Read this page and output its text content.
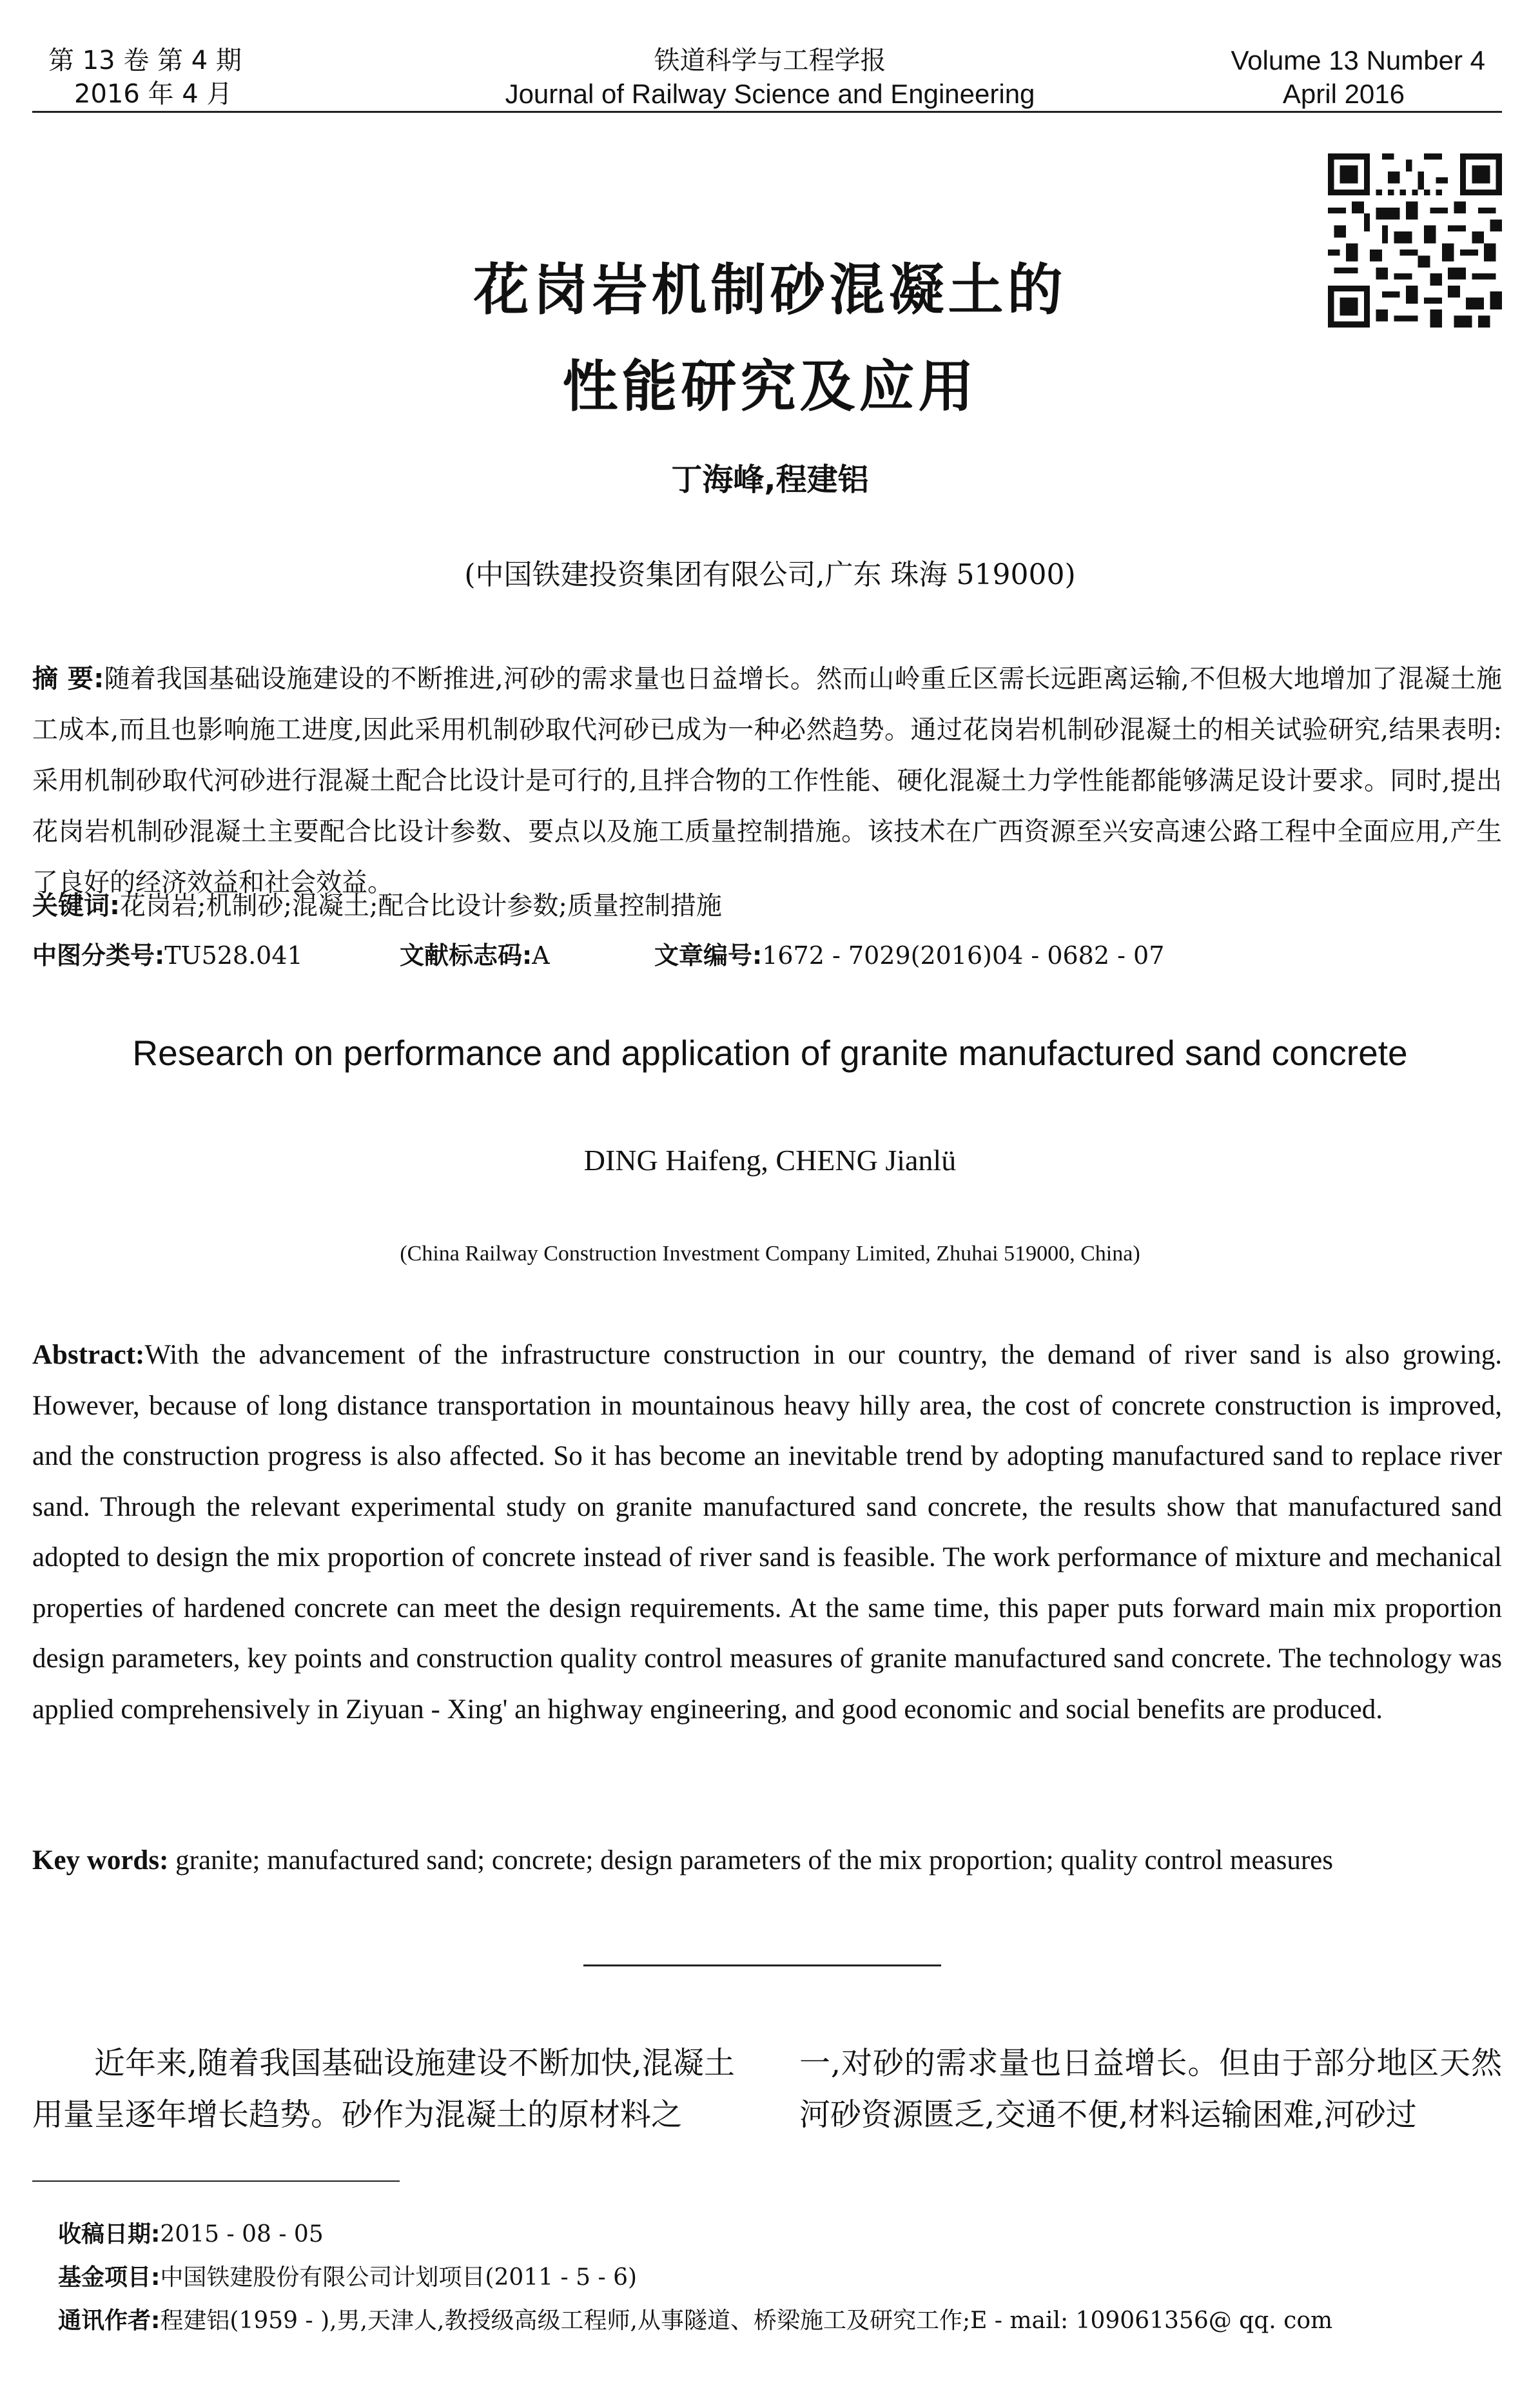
第 13 卷 第 4 期
2016 年 4 月
铁道科学与工程学报
Journal of Railway Science and Engineering
Volume 13 Number 4
April 2016
花岗岩机制砂混凝土的
性能研究及应用
丁海峰,程建铝
(中国铁建投资集团有限公司,广东 珠海 519000)
摘 要:随着我国基础设施建设的不断推进,河砂的需求量也日益增长。然而山岭重丘区需长远距离运输,不但极大地增加了混凝土施工成本,而且也影响施工进度,因此采用机制砂取代河砂已成为一种必然趋势。通过花岗岩机制砂混凝土的相关试验研究,结果表明:采用机制砂取代河砂进行混凝土配合比设计是可行的,且拌合物的工作性能、硬化混凝土力学性能都能够满足设计要求。同时,提出花岗岩机制砂混凝土主要配合比设计参数、要点以及施工质量控制措施。该技术在广西资源至兴安高速公路工程中全面应用,产生了良好的经济效益和社会效益。
关键词:花岗岩;机制砂;混凝土;配合比设计参数;质量控制措施
中图分类号:TU528.041	文献标志码:A	文章编号:1672 - 7029(2016)04 - 0682 - 07
Research on performance and application of granite manufactured sand concrete
DING Haifeng, CHENG Jianlü
(China Railway Construction Investment Company Limited, Zhuhai 519000, China)
Abstract:With the advancement of the infrastructure construction in our country, the demand of river sand is also growing. However, because of long distance transportation in mountainous heavy hilly area, the cost of concrete construction is improved, and the construction progress is also affected. So it has become an inevitable trend by adopting manufactured sand to replace river sand. Through the relevant experimental study on granite manufactured sand concrete, the results show that manufactured sand adopted to design the mix proportion of concrete instead of river sand is feasible. The work performance of mixture and mechanical properties of hardened concrete can meet the design requirements. At the same time, this paper puts forward main mix proportion design parameters, key points and construction quality control measures of granite manufactured sand concrete. The technology was applied comprehensively in Ziyuan - Xing' an highway engineering, and good economic and social benefits are produced.
Key words: granite; manufactured sand; concrete; design parameters of the mix proportion; quality control measures
近年来,随着我国基础设施建设不断加快,混凝土用量呈逐年增长趋势。砂作为混凝土的原材料之
一,对砂的需求量也日益增长。但由于部分地区天然河砂资源匮乏,交通不便,材料运输困难,河砂过
收稿日期:2015 - 08 - 05
基金项目:中国铁建股份有限公司计划项目(2011 - 5 - 6)
通讯作者:程建铝(1959 - ),男,天津人,教授级高级工程师,从事隧道、桥梁施工及研究工作;E - mail: 109061356@ qq. com
